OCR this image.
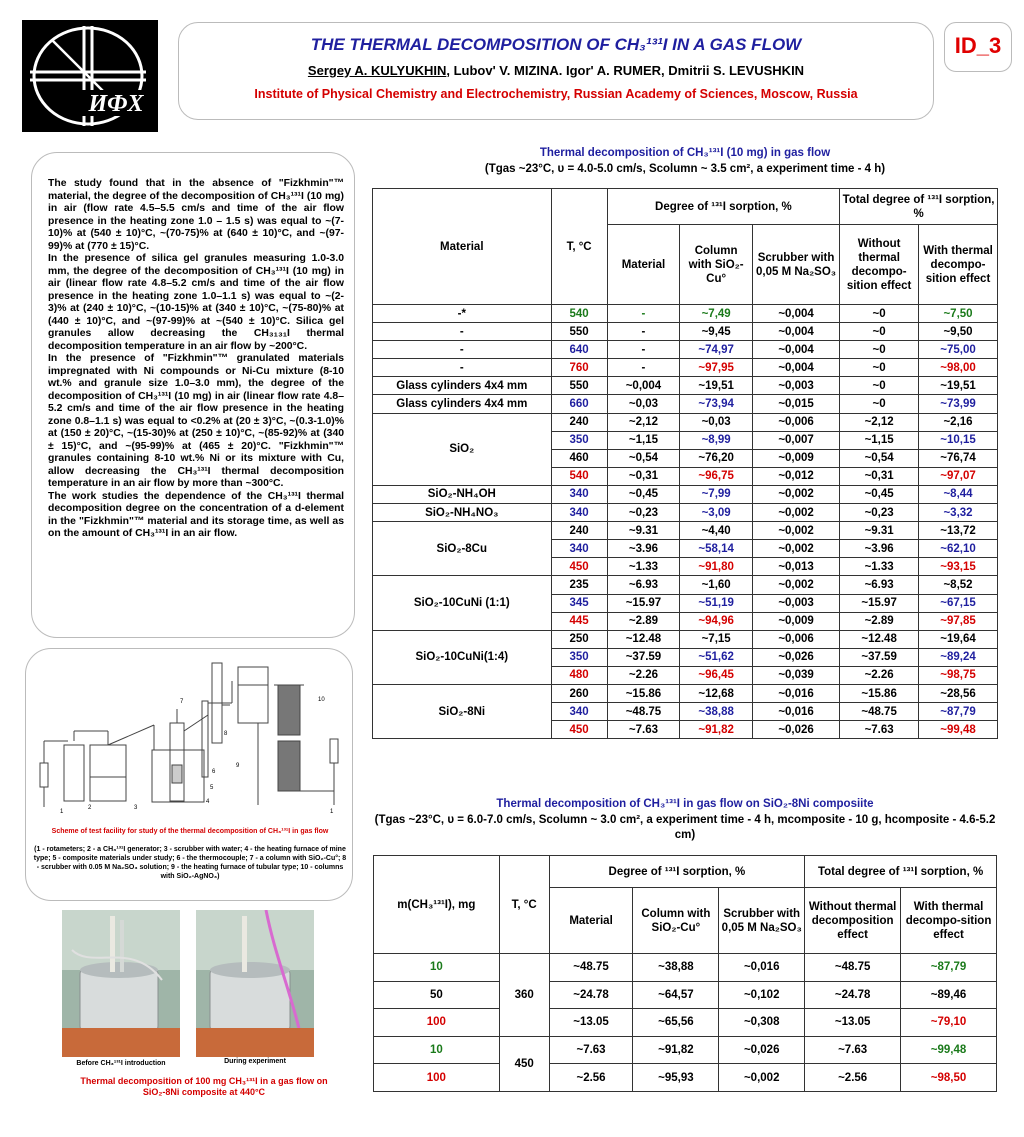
ИФХ
THE THERMAL DECOMPOSITION OF CH₃¹³¹I IN A GAS FLOW
Sergey A. KULYUKHIN, Lubov' V. MIZINA. Igor' A. RUMER, Dmitrii S. LEVUSHKIN
Institute of Physical Chemistry and Electrochemistry, Russian Academy of Sciences, Moscow, Russia
ID_3

The study found that in the absence of "Fizkhmin"™ material, the degree of the decomposition of CH₃¹³¹I (10 mg) in air (flow rate 4.5–5.5 cm/s and time of the air flow presence in the heating zone 1.0 – 1.5 s) was equal to ~(7-10)% at (540 ± 10)°C, ~(70-75)% at (640 ± 10)°C, and ~(97-99)% at (770 ± 15)°C.

In the presence of silica gel granules measuring 1.0-3.0 mm, the degree of the decomposition of CH₃¹³¹I (10 mg) in air (linear flow rate 4.8–5.2 cm/s and time of the air flow presence in the heating zone 1.0–1.1 s) was equal to ~(2-3)% at (240 ± 10)°C, ~(10-15)% at (340 ± 10)°C, ~(75-80)% at (440 ± 10)°C, and ~(97-99)% at ~(540 ± 10)°C. Silica gel granules allow decreasing the CH₃₁₃₁I thermal decomposition temperature in an air flow by ~200°C.

In the presence of "Fizkhmin"™ granulated materials impregnated with Ni compounds or Ni-Cu mixture (8-10 wt.% and granule size 1.0–3.0 mm), the degree of the decomposition of CH₃¹³¹I (10 mg) in air (linear flow rate 4.8–5.2 cm/s and time of the air flow presence in the heating zone 0.8–1.1 s) was equal to <0.2% at (20 ± 3)°C, ~(0.3-1.0)% at (150 ± 20)°C, ~(15-30)% at (250 ± 10)°C, ~(85-92)% at (340 ± 15)°C, and ~(95-99)% at (465 ± 20)°C. "Fizkhmin"™ granules containing 8-10 wt.% Ni or its mixture with Cu, allow decreasing the CH₃¹³¹I thermal decomposition temperature in an air flow by more than ~300°C.

The work studies the dependence of the CH₃¹³¹I thermal decomposition degree on the concentration of a d-element in the "Fizkhmin"™ material and its storage time, as well as on the amount of CH₃¹³¹I in an air flow.

1
2	3
4
5
6
7
8
9
10
1
Scheme of test facility for study of the thermal decomposition of CH₃¹³¹I in gas flow
(1 - rotameters; 2 - a CH₃¹³¹I generator; 3 - scrubber with water; 4 - the heating furnace of mine type; 5 - composite materials under study; 6 - the thermocouple; 7 - a column with SiO₂-Cu°; 8 - scrubber with 0.05 M Na₂SO₃ solution; 9 - the heating furnace of tubular type; 10 - columns with SiO₂-AgNO₃)
Before CH₃¹³¹I introduction	During experiment
Thermal decomposition of 100 mg CH₃¹³¹I in a gas flow on SiO₂-8Ni composite at 440°C
Thermal decomposition of CH₃¹³¹I (10 mg) in gas flow
(Tgas ~23°C, υ = 4.0-5.0 cm/s, Scolumn ~ 3.5 cm², a experiment time - 4 h)
Material	T, °C	Degree of ¹³¹I sorption, %			Total degree of ¹³¹I sorption, %	
		Material	Column with SiO₂-Cu°	Scrubber with 0,05 M Na₂SO₃	Without thermal decompo-sition effect	With thermal decompo-sition effect
-*	540	-	~7,49	~0,004	~0	~7,50
-	550	-	~9,45	~0,004	~0	~9,50
-	640	-	~74,97	~0,004	~0	~75,00
-	760	-	~97,95	~0,004	~0	~98,00
Glass cylinders 4x4 mm	550	~0,004	~19,51	~0,003	~0	~19,51
Glass cylinders 4x4 mm	660	~0,03	~73,94	~0,015	~0	~73,99
SiO₂	240	~2,12	~0,03	~0,006	~2,12	~2,16
	350	~1,15	~8,99	~0,007	~1,15	~10,15
	460	~0,54	~76,20	~0,009	~0,54	~76,74
	540	~0,31	~96,75	~0,012	~0,31	~97,07
SiO₂-NH₄OH	340	~0,45	~7,99	~0,002	~0,45	~8,44
SiO₂-NH₄NO₃	340	~0,23	~3,09	~0,002	~0,23	~3,32
SiO₂-8Cu	240	~9.31	~4,40	~0,002	~9.31	~13,72
	340	~3.96	~58,14	~0,002	~3.96	~62,10
	450	~1.33	~91,80	~0,013	~1.33	~93,15
SiO₂-10CuNi (1:1)	235	~6.93	~1,60	~0,002	~6.93	~8,52
	345	~15.97	~51,19	~0,003	~15.97	~67,15
	445	~2.89	~94,96	~0,009	~2.89	~97,85
SiO₂-10CuNi(1:4)	250	~12.48	~7,15	~0,006	~12.48	~19,64
	350	~37.59	~51,62	~0,026	~37.59	~89,24
	480	~2.26	~96,45	~0,039	~2.26	~98,75
SiO₂-8Ni	260	~15.86	~12,68	~0,016	~15.86	~28,56
	340	~48.75	~38,88	~0,016	~48.75	~87,79
	450	~7.63	~91,82	~0,026	~7.63	~99,48
Thermal decomposition of CH₃¹³¹I in gas flow on SiO₂-8Ni composiite
(Tgas ~23°C, υ = 6.0-7.0 cm/s, Scolumn ~ 3.0 cm², a experiment time - 4 h, mcomposite - 10 g, hcomposite - 4.6-5.2 cm)
m(CH₃¹³¹I), mg	T, °C	Degree of ¹³¹I sorption, %			Total degree of ¹³¹I sorption, %	
		Material	Column with SiO₂-Cu°	Scrubber with 0,05 M Na₂SO₃	Without thermal decomposition effect	With thermal decompo-sition effect
10	360	~48.75	~38,88	~0,016	~48.75	~87,79
50		~24.78	~64,57	~0,102	~24.78	~89,46
100		~13.05	~65,56	~0,308	~13.05	~79,10
10	450	~7.63	~91,82	~0,026	~7.63	~99,48
100		~2.56	~95,93	~0,002	~2.56	~98,50
